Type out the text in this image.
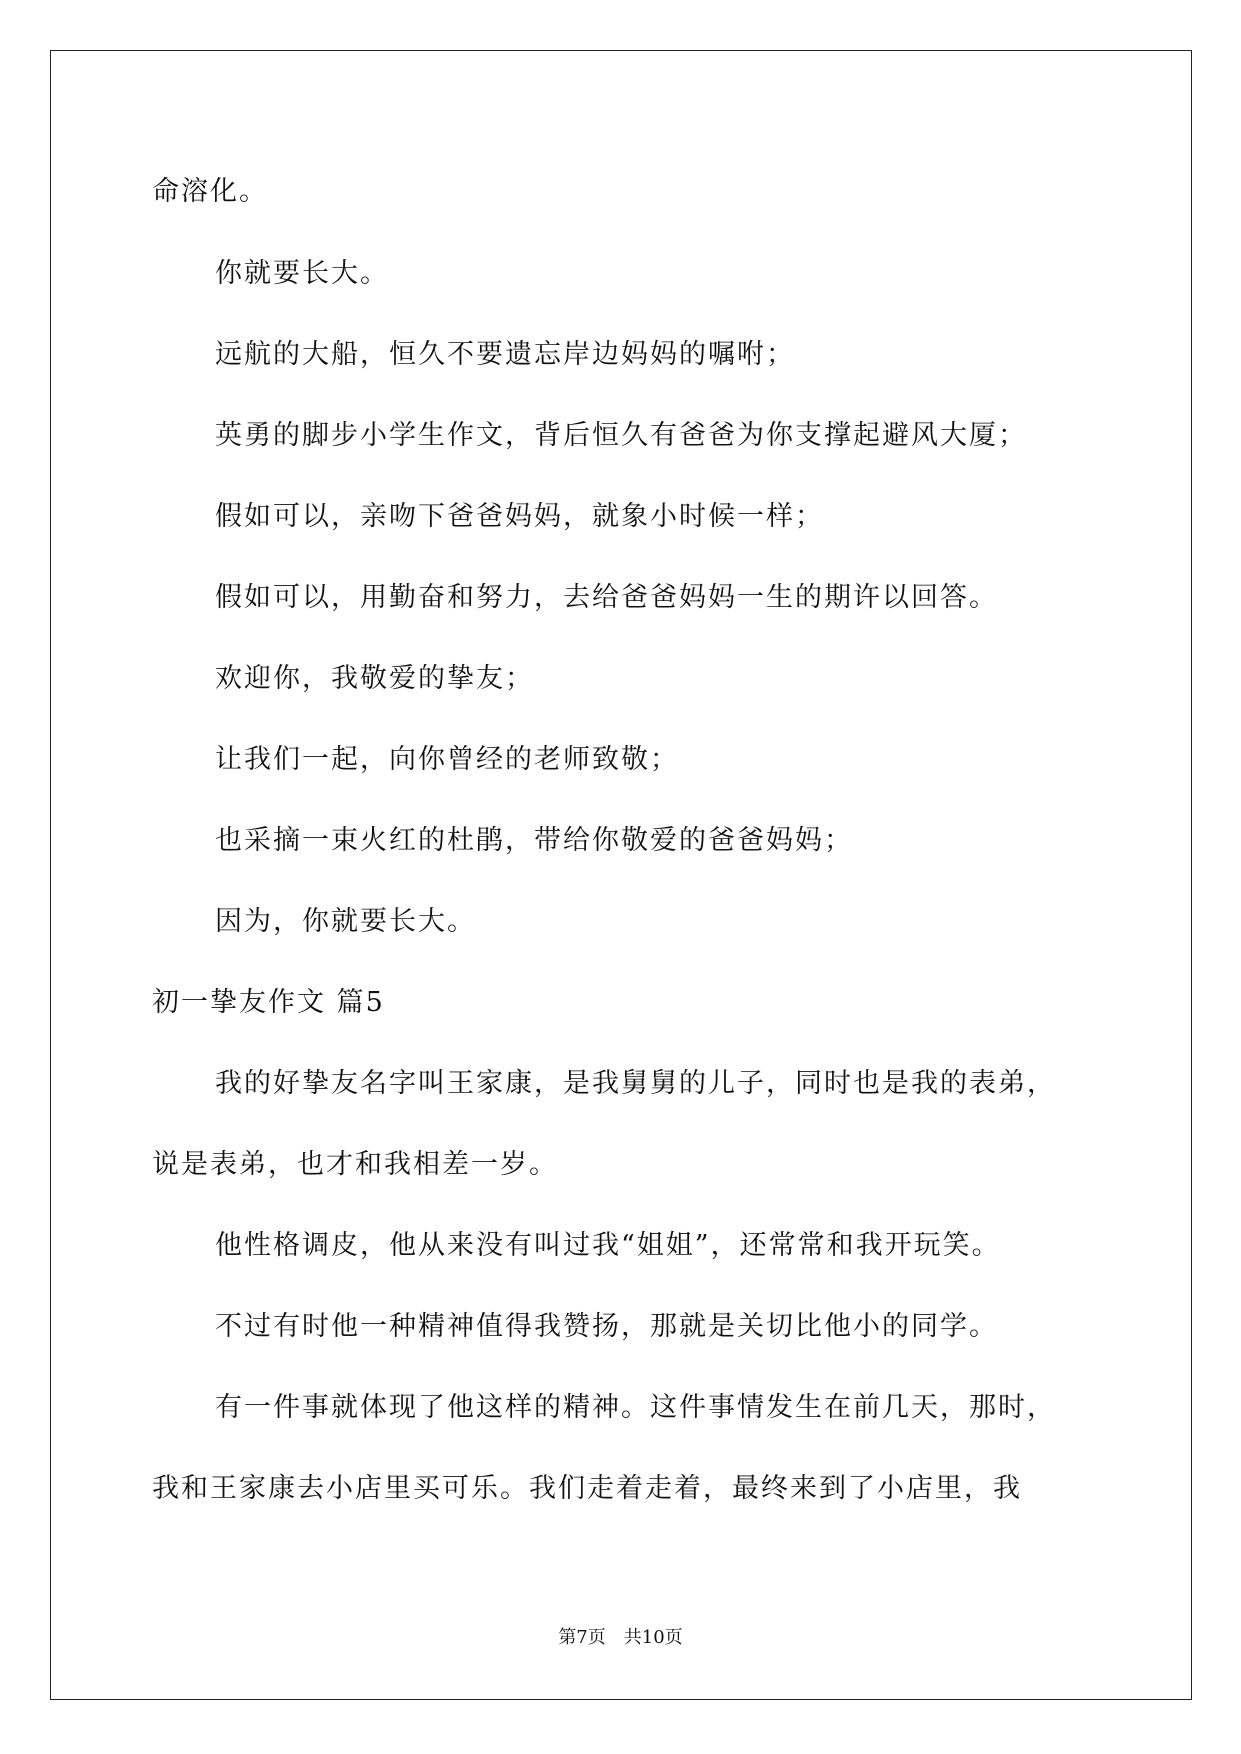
命溶化。
你就要长大。
远航的大船，恒久不要遗忘岸边妈妈的嘱咐；
英勇的脚步小学生作文，背后恒久有爸爸为你支撑起避风大厦；
假如可以，亲吻下爸爸妈妈，就象小时候一样；
假如可以，用勤奋和努力，去给爸爸妈妈一生的期许以回答。
欢迎你，我敬爱的挚友；
让我们一起，向你曾经的老师致敬；
也采摘一束火红的杜鹃，带给你敬爱的爸爸妈妈；
因为，你就要长大。
初一挚友作文 篇5
我的好挚友名字叫王家康，是我舅舅的儿子，同时也是我的表弟，
说是表弟，也才和我相差一岁。
他性格调皮，他从来没有叫过我“姐姐”，还常常和我开玩笑。
不过有时他一种精神值得我赞扬，那就是关切比他小的同学。
有一件事就体现了他这样的精神。这件事情发生在前几天，那时，
我和王家康去小店里买可乐。我们走着走着，最终来到了小店里，我
第7页　共10页
